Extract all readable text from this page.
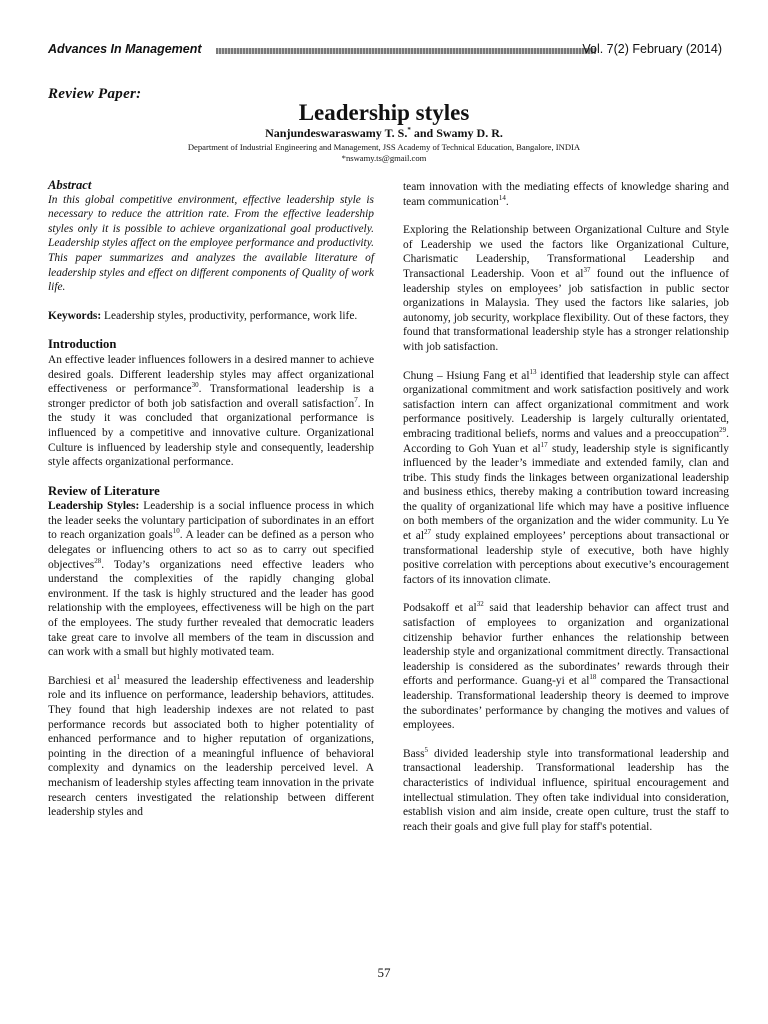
Advances In Management	Vol. 7(2) February (2014)
Review Paper:
Leadership styles
Nanjundeswaraswamy T. S.* and Swamy D. R.
Department of Industrial Engineering and Management, JSS Academy of Technical Education, Bangalore, INDIA
*nswamy.ts@gmail.com
Abstract

In this global competitive environment, effective leadership style is necessary to reduce the attrition rate. From the effective leadership styles only it is possible to achieve organizational goal productively. Leadership styles affect on the employee performance and productivity. This paper summarizes and analyzes the available literature of leadership styles and effect on different components of Quality of work life.

Keywords: Leadership styles, productivity, performance, work life.

Introduction

An effective leader influences followers in a desired manner to achieve desired goals. Different leadership styles may affect organizational effectiveness or performance$^{30}$. Transformational leadership is a stronger predictor of both job satisfaction and overall satisfaction$^7$. In the study it was concluded that organizational performance is influenced by a competitive and innovative culture. Organizational Culture is influenced by leadership style and consequently, leadership style affects organizational performance.

Review of Literature

Leadership Styles: Leadership is a social influence process in which the leader seeks the voluntary participation of subordinates in an effort to reach organization goals$^{10}$. A leader can be defined as a person who delegates or influencing others to act so as to carry out specified objectives$^{28}$. Today’s organizations need effective leaders who understand the complexities of the rapidly changing global environment. If the task is highly structured and the leader has good relationship with the employees, effectiveness will be high on the part of the employees. The study further revealed that democratic leaders take great care to involve all members of the team in discussion and can work with a small but highly motivated team.

Barchiesi et $al^1$ measured the leadership effectiveness and leadership role and its influence on performance, leadership behaviors, attitudes. They found that high leadership indexes are not related to past performance records but associated both to higher potentiality of enhanced performance and to higher reputation of organizations, pointing in the direction of a meaningful influence of behavioral complexity and dynamics on the leadership perceived level. A mechanism of leadership styles affecting team innovation in the private research centers investigated the relationship between different leadership styles and

team innovation with the mediating effects of knowledge sharing and team communication$^{14}$.

Exploring the Relationship between Organizational Culture and Style of Leadership we used the factors like Organizational Culture, Charismatic Leadership, Transformational Leadership and Transactional Leadership. Voon et $al^{37}$ found out the influence of leadership styles on employees’ job satisfaction in public sector organizations in Malaysia. They used the factors like salaries, job autonomy, job security, workplace flexibility. Out of these factors, they found that transformational leadership style has a stronger relationship with job satisfaction.

Chung – Hsiung Fang et $al^{13}$ identified that leadership style can affect organizational commitment and work satisfaction positively and work satisfaction intern can affect organizational commitment and work performance positively. Leadership is largely culturally orientated, embracing traditional beliefs, norms and values and a preoccupation$^{29}$. According to Goh Yuan et $al^{17}$ study, leadership style is significantly influenced by the leader’s immediate and extended family, clan and tribe. This study finds the linkages between organizational leadership and business ethics, thereby making a contribution toward increasing the quality of organizational life which may have a positive influence on both members of the organization and the wider community. Lu Ye et $al^{27}$ study explained employees’ perceptions about transactional or transformational leadership style of executive, both have highly positive correlation with perceptions about executive’s encouragement factors of its innovation climate.

Podsakoff et $al^{32}$ said that leadership behavior can affect trust and satisfaction of employees to organization and organizational citizenship behavior further enhances the relationship between leadership style and organizational commitment directly. Transactional leadership is considered as the subordinates’ rewards through their efforts and performance. Guang-yi et $al^{18}$ compared the Transactional leadership. Transformational leadership theory is deemed to improve the subordinates’ performance by changing the motives and values of employees.

Bass$^5$ divided leadership style into transformational leadership and transactional leadership. Transformational leadership has the characteristics of individual influence, spiritual encouragement and intellectual stimulation. They often take individual into consideration, establish vision and aim inside, create open culture, trust the staff to reach their goals and give full play for staff's potential.

57
